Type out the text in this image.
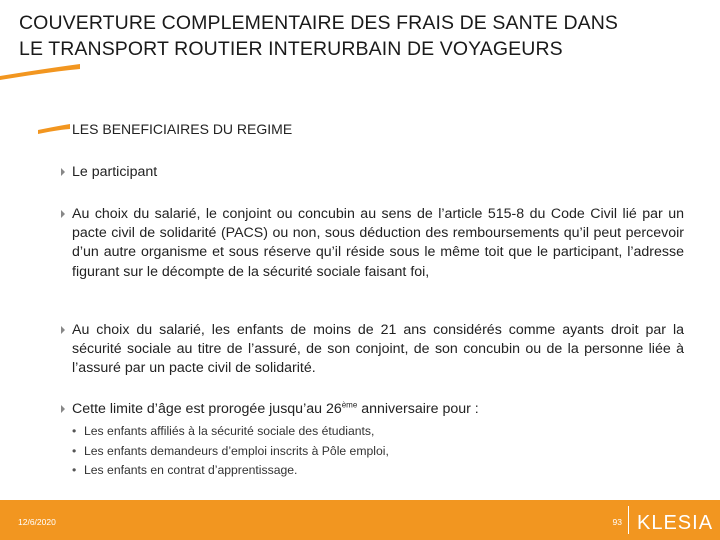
COUVERTURE COMPLEMENTAIRE DES FRAIS DE SANTE DANS
LE TRANSPORT ROUTIER INTERURBAIN DE VOYAGEURS
LES BENEFICIAIRES DU REGIME
Le participant
Au choix du salarié, le conjoint ou concubin au sens de l’article 515-8 du Code Civil lié par un pacte civil de solidarité (PACS) ou non, sous déduction des remboursements qu’il peut percevoir d’un autre organisme et sous réserve qu’il réside sous le même toit que le participant, l’adresse figurant sur le décompte de la sécurité sociale faisant foi,
Au choix du salarié, les enfants de moins de 21 ans considérés comme ayants droit par la sécurité sociale au titre de l’assuré, de son conjoint, de son concubin ou de la personne liée à l’assuré par un pacte civil de solidarité.
Cette limite d’âge est prorogée jusqu’au 26ème anniversaire pour :
• Les enfants affiliés à la sécurité sociale des étudiants,
• Les enfants demandeurs d’emploi inscrits à Pôle emploi,
• Les enfants en contrat d’apprentissage.
12/6/2020	93 KLESIA
